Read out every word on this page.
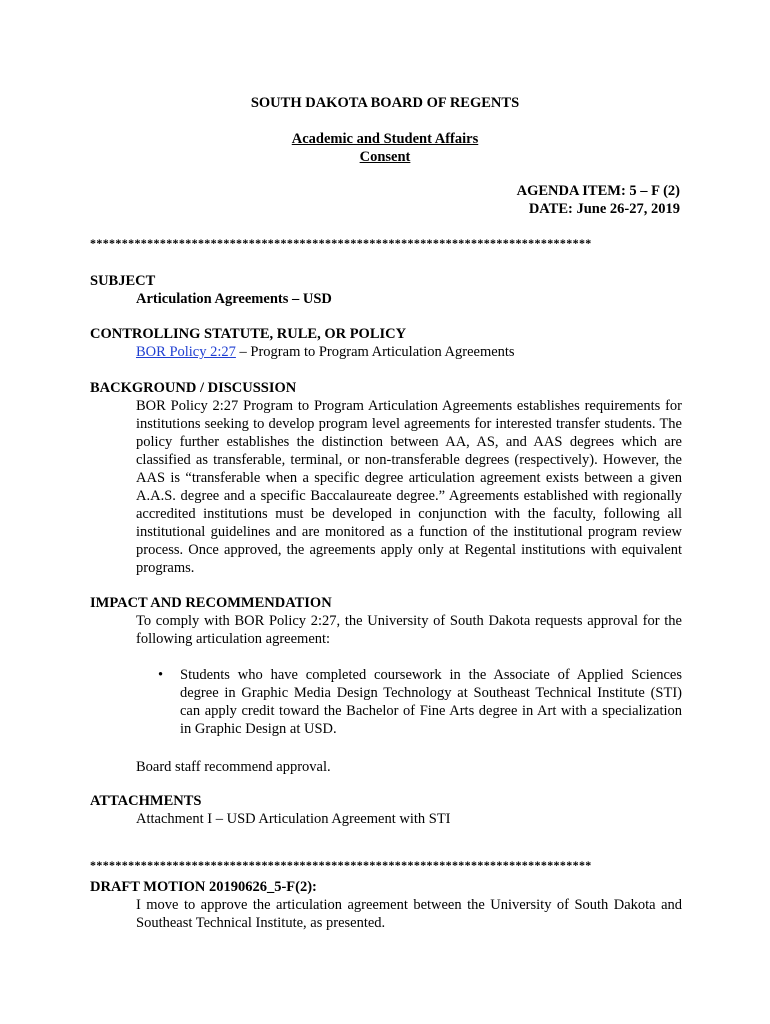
SOUTH DAKOTA BOARD OF REGENTS
Academic and Student Affairs
Consent
AGENDA ITEM: 5 – F (2)
DATE: June 26-27, 2019
*******************************************************************************
SUBJECT
Articulation Agreements – USD
CONTROLLING STATUTE, RULE, OR POLICY
BOR Policy 2:27 – Program to Program Articulation Agreements
BACKGROUND / DISCUSSION
BOR Policy 2:27 Program to Program Articulation Agreements establishes requirements for institutions seeking to develop program level agreements for interested transfer students. The policy further establishes the distinction between AA, AS, and AAS degrees which are classified as transferable, terminal, or non-transferable degrees (respectively). However, the AAS is “transferable when a specific degree articulation agreement exists between a given A.A.S. degree and a specific Baccalaureate degree.” Agreements established with regionally accredited institutions must be developed in conjunction with the faculty, following all institutional guidelines and are monitored as a function of the institutional program review process. Once approved, the agreements apply only at Regental institutions with equivalent programs.
IMPACT AND RECOMMENDATION
To comply with BOR Policy 2:27, the University of South Dakota requests approval for the following articulation agreement:
• Students who have completed coursework in the Associate of Applied Sciences degree in Graphic Media Design Technology at Southeast Technical Institute (STI) can apply credit toward the Bachelor of Fine Arts degree in Art with a specialization in Graphic Design at USD.
Board staff recommend approval.
ATTACHMENTS
Attachment I – USD Articulation Agreement with STI
*******************************************************************************
DRAFT MOTION 20190626_5-F(2):
I move to approve the articulation agreement between the University of South Dakota and Southeast Technical Institute, as presented.
